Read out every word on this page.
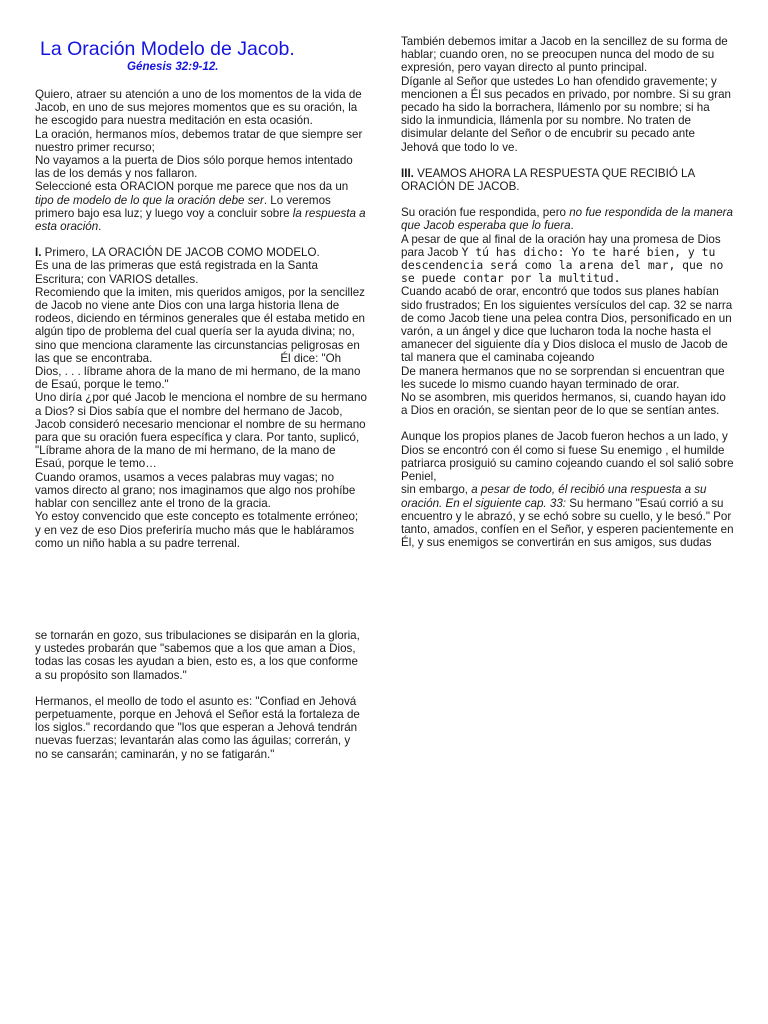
La Oración Modelo de Jacob.
Génesis 32:9-12.

Quiero, atraer su atención a uno de los momentos de la vida de Jacob, en uno de sus mejores momentos que es su oración, la he escogido para nuestra meditación en esta ocasión.

La oración, hermanos míos, debemos tratar de que siempre ser nuestro primer recurso;

No vayamos a la puerta de Dios sólo porque hemos intentado las de los demás y nos fallaron.

Seleccioné esta ORACION porque me parece que nos da un tipo de modelo de lo que la oración debe ser. Lo veremos primero bajo esa luz; y luego voy a concluir sobre la respuesta a esta oración.

I. Primero, LA ORACIÓN DE JACOB COMO MODELO.

Es una de las primeras que está registrada en la Santa Escritura; con VARIOS detalles.

Recomiendo que la imiten, mis queridos amigos, por la sencillez de Jacob no viene ante Dios con una larga historia llena de rodeos, diciendo en términos generales que él estaba metido en algún tipo de problema del cual quería ser la ayuda divina; no, sino que menciona claramente las circunstancias peligrosas en las que se encontraba.	Él dice: "Oh Dios, . . . líbrame ahora de la mano de mi hermano, de la mano de Esaú, porque le temo."

Uno diría ¿por qué Jacob le menciona el nombre de su hermano a Dios? si Dios sabía que el nombre del hermano de Jacob, Jacob consideró necesario mencionar el nombre de su hermano para que su oración fuera específica y clara. Por tanto, suplicó, "Líbrame ahora de la mano de mi hermano, de la mano de Esaú, porque le temo…

Cuando oramos, usamos a veces palabras muy vagas; no vamos directo al grano; nos imaginamos que algo nos prohíbe hablar con sencillez ante el trono de la gracia.

Yo estoy convencido que este concepto es totalmente erróneo; y en vez de eso Dios preferiría mucho más que le habláramos como un niño habla a su padre terrenal.

También debemos imitar a Jacob en la sencillez de su forma de hablar; cuando oren, no se preocupen nunca del modo de su expresión, pero vayan directo al punto principal.

Díganle al Señor que ustedes Lo han ofendido gravemente; y mencionen a Él sus pecados en privado, por nombre. Si su gran pecado ha sido la borrachera, llámenlo por su nombre; si ha sido la inmundicia, llámenla por su nombre. No traten de disimular delante del Señor o de encubrir su pecado ante Jehová que todo lo ve.

III. VEAMOS AHORA LA RESPUESTA QUE RECIBIÓ LA ORACIÓN DE JACOB.

Su oración fue respondida, pero no fue respondida de la manera que Jacob esperaba que lo fuera.

A pesar de que al final de la oración hay una promesa de Dios para Jacob Y tú has dicho: Yo te haré bien, y tu descendencia será como la arena del mar, que no se puede contar por la multitud.

Cuando acabó de orar, encontró que todos sus planes habían sido frustrados; En los siguientes versículos del cap. 32 se narra de como Jacob tiene una pelea contra Dios, personificado en un varón, a un ángel y dice que lucharon toda la noche hasta el amanecer del siguiente día y Dios disloca el muslo de Jacob de tal manera que el caminaba cojeando

De manera hermanos que no se sorprendan si encuentran que les sucede lo mismo cuando hayan terminado de orar.

No se asombren, mis queridos hermanos, si, cuando hayan ido a Dios en oración, se sientan peor de lo que se sentían antes.

Aunque los propios planes de Jacob fueron hechos a un lado, y Dios se encontró con él como si fuese Su enemigo , el humilde patriarca prosiguió su camino cojeando cuando el sol salió sobre Peniel,

sin embargo, a pesar de todo, él recibió una respuesta a su oración. En el siguiente cap. 33: Su hermano "Esaú corrió a su encuentro y le abrazó, y se echó sobre su cuello, y le besó." Por tanto, amados, confíen en el Señor, y esperen pacientemente en Él, y sus enemigos se convertirán en sus amigos, sus dudas

se tornarán en gozo, sus tribulaciones se disiparán en la gloria, y ustedes probarán que "sabemos que a los que aman a Dios, todas las cosas les ayudan a bien, esto es, a los que conforme a su propósito son llamados."

Hermanos, el meollo de todo el asunto es: "Confiad en Jehová perpetuamente, porque en Jehová el Señor está la fortaleza de los siglos." recordando que "los que esperan a Jehová tendrán nuevas fuerzas; levantarán alas como las águilas; correrán, y no se cansarán; caminarán, y no se fatigarán."
